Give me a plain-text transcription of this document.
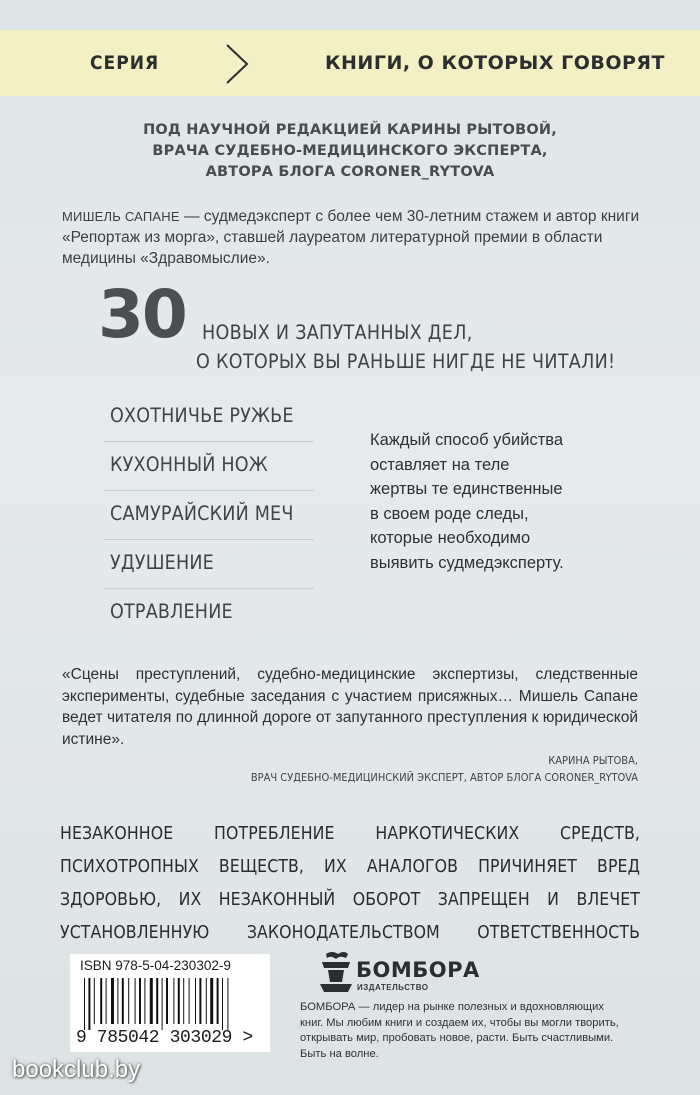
СЕРИЯ	КНИГИ, О КОТОРЫХ ГОВОРЯТ
ПОД НАУЧНОЙ РЕДАКЦИЕЙ КАРИНЫ РЫТОВОЙ,
ВРАЧА СУДЕБНО-МЕДИЦИНСКОГО ЭКСПЕРТА,
АВТОРА БЛОГА CORONER_RYTOVA
МИШЕЛЬ САПАНЕ — судмедэксперт с более чем 30-летним стажем и автор книги «Репортаж из морга», ставшей лауреатом литературной премии в области медицины «Здравомыслие».
30 НОВЫХ И ЗАПУТАННЫХ ДЕЛ,
О КОТОРЫХ ВЫ РАНЬШЕ НИГДЕ НЕ ЧИТАЛИ!
ОХОТНИЧЬЕ РУЖЬЕ
КУХОННЫЙ НОЖ
САМУРАЙСКИЙ МЕЧ
УДУШЕНИЕ
ОТРАВЛЕНИЕ
Каждый способ убийства
оставляет на теле
жертвы те единственные
в своем роде следы,
которые необходимо
выявить судмедэксперту.
«Сцены преступлений, судебно-медицинские экспертизы, следственные эксперименты, судебные заседания с участием присяжных… Мишель Сапане ведет читателя по длинной дороге от запутанного преступления к юридической истине».
КАРИНА РЫТОВА,
ВРАЧ СУДЕБНО-МЕДИЦИНСКИЙ ЭКСПЕРТ, АВТОР БЛОГА CORONER_RYTOVA
НЕЗАКОННОЕ ПОТРЕБЛЕНИЕ НАРКОТИЧЕСКИХ СРЕДСТВ, ПСИХОТРОПНЫХ ВЕЩЕСТВ, ИХ АНАЛОГОВ ПРИЧИНЯЕТ ВРЕД ЗДОРОВЬЮ, ИХ НЕЗАКОННЫЙ ОБОРОТ ЗАПРЕЩЕН И ВЛЕЧЕТ УСТАНОВЛЕННУЮ ЗАКОНОДАТЕЛЬСТВОМ ОТВЕТСТВЕННОСТЬ
ISBN 978-5-04-230302-9
9 785042 303029 >
БОМБОРА
ИЗДАТЕЛЬСТВО
БОМБОРА — лидер на рынке полезных и вдохновляющих книг. Мы любим книги и создаем их, чтобы вы могли творить, открывать мир, пробовать новое, расти. Быть счастливыми. Быть на волне.
bookclub.by
